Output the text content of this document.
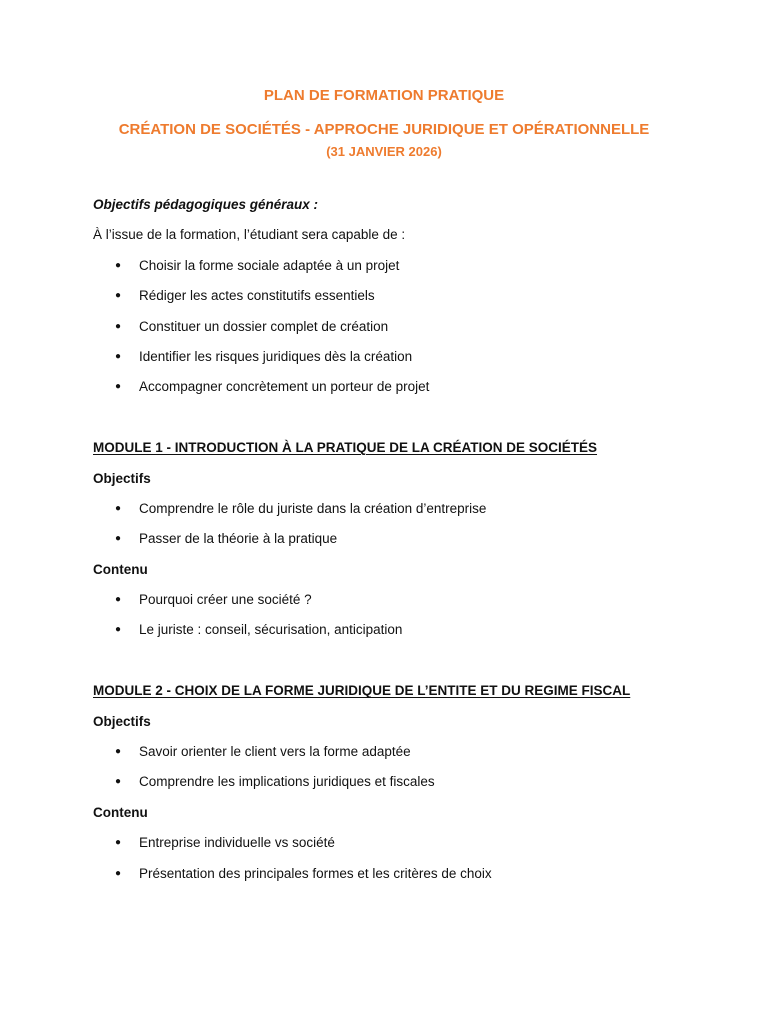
PLAN DE FORMATION PRATIQUE
CRÉATION DE SOCIÉTÉS - APPROCHE JURIDIQUE ET OPÉRATIONNELLE
(31 JANVIER 2026)
Objectifs pédagogiques généraux :
À l’issue de la formation, l’étudiant sera capable de :
● Choisir la forme sociale adaptée à un projet
● Rédiger les actes constitutifs essentiels
● Constituer un dossier complet de création
● Identifier les risques juridiques dès la création
● Accompagner concrètement un porteur de projet
MODULE 1 - INTRODUCTION À LA PRATIQUE DE LA CRÉATION DE SOCIÉTÉS
Objectifs
● Comprendre le rôle du juriste dans la création d’entreprise
● Passer de la théorie à la pratique
Contenu
● Pourquoi créer une société ?
● Le juriste : conseil, sécurisation, anticipation
MODULE 2 - CHOIX DE LA FORME JURIDIQUE DE L’ENTITE ET DU REGIME FISCAL
Objectifs
● Savoir orienter le client vers la forme adaptée
● Comprendre les implications juridiques et fiscales
Contenu
● Entreprise individuelle vs société
● Présentation des principales formes et les critères de choix
